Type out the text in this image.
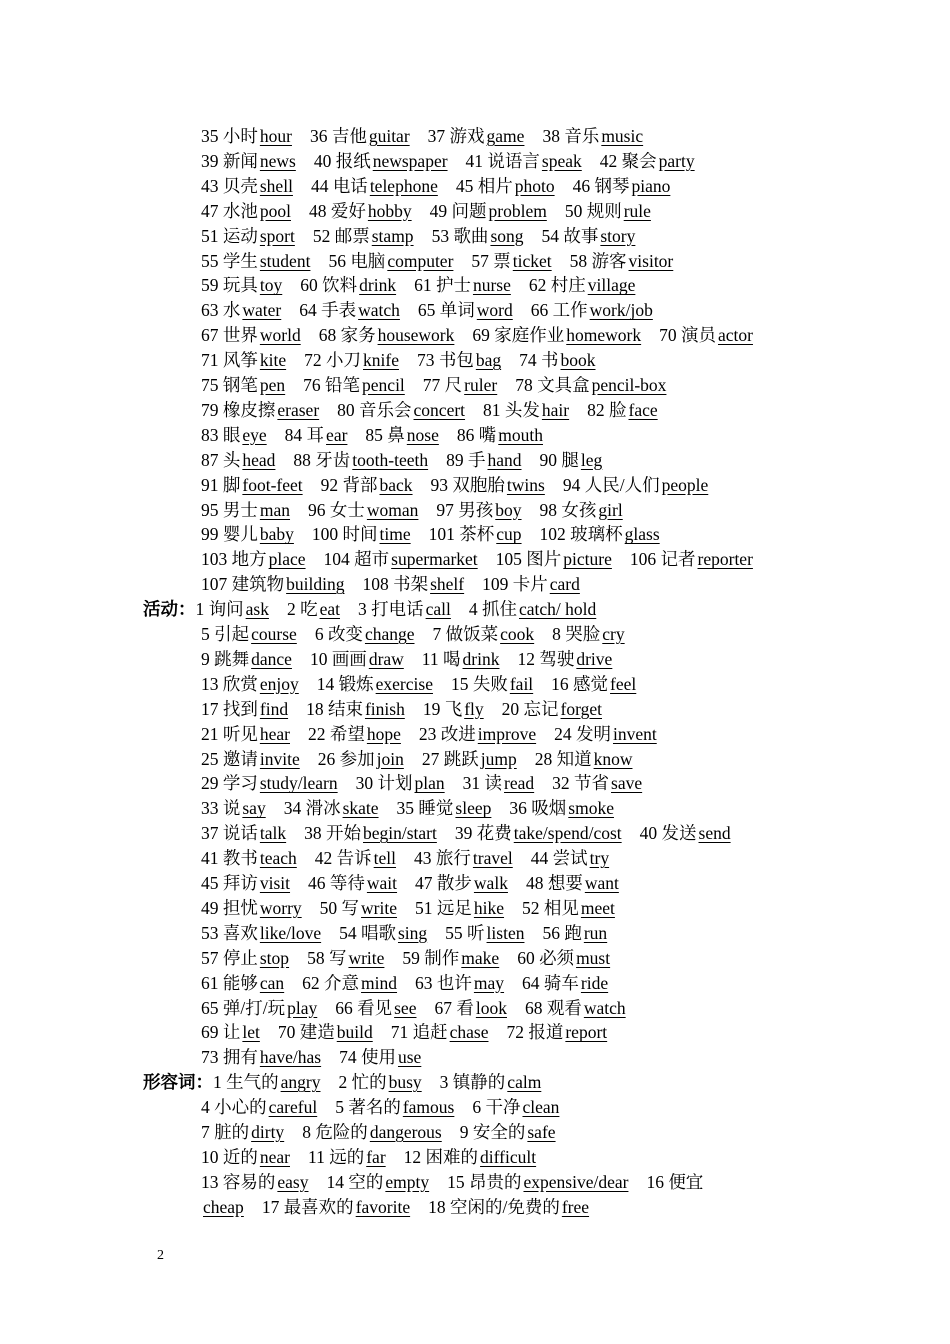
35 小时 hour 36 吉他 guitar37 游戏 game 38 音乐 music
39 新闻 news 40 报纸 newspaper41 说语言 speak 42 聚会 party
43 贝壳 shell 44 电话 telephone 45 相片 photo 46 钢琴 piano
47 水池 pool 48 爱好 hobby 49 问题 problem 50 规则 rule
51 运动 sport 52 邮票 stamp 53 歌曲 song 54 故事 story
55 学生 student 56 电脑 computer 57 票 ticket 58 游客 visitor
59 玩具 toy 60 饮料 drink61 护士 nurse 62 村庄 village
63 水 water 64 手表 watch 65 单词 word 66 工作 work/job
67 世界 world 68 家务 housework 69 家庭作业 homework 70 演员 actor
71 风筝 kite 72 小刀 knife 73 书包 bag 74 书 book
75 钢笔 pen 76 铅笔 pencil77 尺 ruler 78 文具盒 pencil-box
79 橡皮擦 eraser80 音乐会 concert 81 头发 hair 82 脸 face
83 眼 eye 84 耳 ear 85 鼻 nose 86 嘴 mouth
87 头 head88 牙齿 tooth-teeth 89 手 hand 90 腿 leg
91 脚 foot-feet 92 背部 back 93 双胞胎 twins 94 人民/人们 people
95 男士 man 96 女士 woman 97 男孩 boy 98 女孩 girl
99 婴儿 baby 100 时间 time 101 茶杯 cup 102 玻璃杯 glass
103 地方 place 104 超市 supermarket 105 图片 picture 106 记者 reporter
107 建筑物 building 108 书架 shelf 109 卡片 card
活动：1 询问 ask 2 吃 eat 3 打电话 call 4 抓住 catch/ hold
5 引起 course 6 改变 change 7 做饭菜 cook 8 哭脸 cry
9 跳舞 dance 10 画画 draw 11 喝 drink 12 驾驶 drive
13 欣赏 enjoy 14 锻炼 exercise15 失败 fail 16 感觉 feel
17 找到 find 18 结束 finish 19 飞 fly20 忘记 forget
21 听见 hear 22 希望 hope 23 改进 improve 24 发明 invent
25 邀请 invite 26 参加 join 27 跳跃 jump 28 知道 know
29 学习 study/learn 30 计划 plan 31 读 read 32 节省 save
33 说 say 34 滑冰 skate 35 睡觉 sleep 36 吸烟 smoke
37 说话 talk 38 开始 begin/start 39 花费 take/spend/cost 40 发送 send
41 教书 teach 42 告诉 tell 43 旅行 travel 44 尝试 try
45 拜访 visit 46 等待 wait 47 散步 walk 48 想要 want
49 担忧 worry 50 写 write 51 远足 hike52 相见 meet
53 喜欢 like/love 54 唱歌 sing 55 听 listen 56 跑 run
57 停止 stop 58 写 write 59 制作 make 60 必须 must
61 能够 can 62 介意 mind 63 也许 may 64 骑车 ride
65 弹/打/玩 play 66 看见 see 67 看 look68 观看 watch
69 让 let 70 建造 build 71 追赶 chase 72 报道 report
73 拥有 have/has74 使用 use
形容词：1 生气的 angry2 忙的 busy3 镇静的 calm
4 小心的 careful5 著名的 famous 6 干净 clean
7 脏的 dirty 8 危险的 dangerous 9 安全的 safe
10 近的 near11 远的 far 12 困难的 difficult
13 容易的 easy14 空的 empty 15 昂贵的 expensive/dear16 便宜
cheap17 最喜欢的 favorite 18 空闲的/免费的 free
2
